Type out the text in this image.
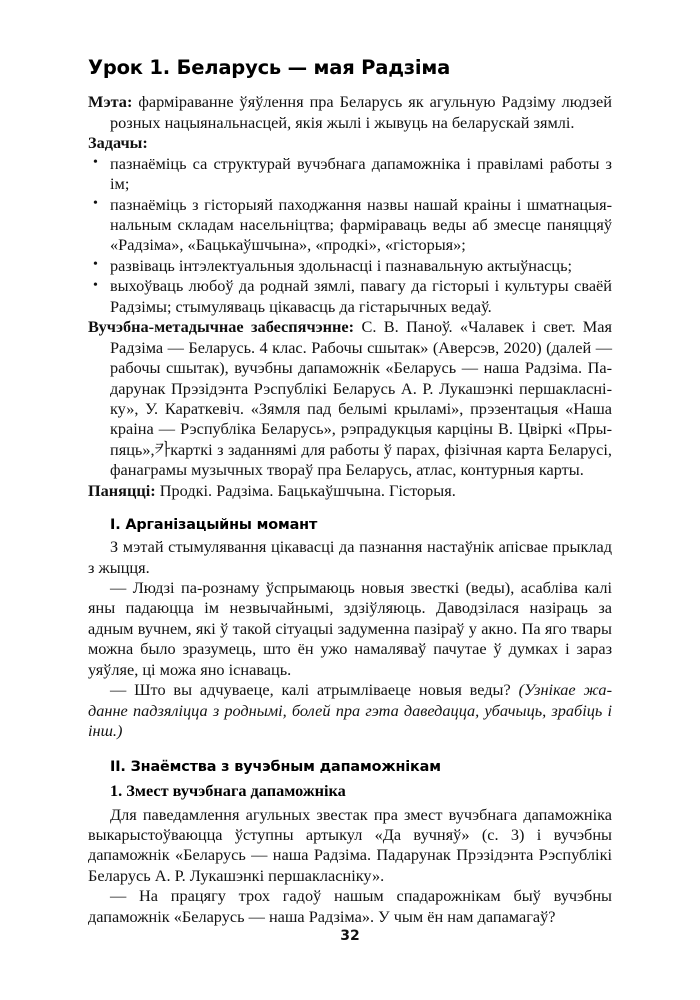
Урок 1. Беларусь — мая Радзіма

Мэта: фарміраванне ўяўлення пра Беларусь як агульную Радзіму людзей розных нацыянальнасцей, якія жылі і жывуць на беларускай зямлі.

Задачы:

• пазнаёміць са структурай вучэбнага дапаможніка і правіламі работы з ім;
• пазнаёміць з гісторыяй паходжання назвы нашай краіны і шматнацыянальным складам насельніцтва; фарміраваць веды аб змесце паняццяў «Радзіма», «Бацькаўшчына», «продкі», «гісторыя»;
• развіваць інтэлектуальныя здольнасці і пазнавальную актыўнасць;
• выхоўваць любоў да роднай зямлі, павагу да гісторыі і культуры сваёй Радзімы; стымуляваць цікавасць да гістарычных ведаў.

Вучэбна-метадычнае забеспячэнне: С. В. Паноў. «Чалавек і свет. Мая Радзіма — Беларусь. 4 клас. Рабочы сшытак» (Аверсэв, 2020) (далей — рабочы сшытак), вучэбны дапаможнік «Беларусь — наша Радзіма. Падарунак Прэзідэнта Рэспублікі Беларусь А. Р. Лукашэнкі першакласніку», У. Караткевіч. «Зямля пад белымі крыламі», прэзентацыя «Наша краіна — Рэспубліка Беларусь», рэпрадукцыя карціны В. Цвіркі «Прыпяць»,카карткі з заданнямі для работы ў парах, фізічная карта Беларусі, фанаграмы музычных твораў пра Беларусь, атлас, контурныя карты.

Паняцці: Продкі. Радзіма. Бацькаўшчына. Гісторыя.

I. Арганізацыйны момант

З мэтай стымулявання цікавасці да пазнання настаўнік апісвае прыклад з жыцця.

— Людзі па-рознаму ўспрымаюць новыя звесткі (веды), асабліва калі яны падаюцца ім незвычайнымі, здзіўляюць. Даводзілася назіраць за адным вучнем, які ў такой сітуацыі задуменна пазіраў у акно. Па яго твары можна было зразумець, што ён ужо намаляваў пачутае ў думках і зараз уяўляе, ці можа яно існаваць.

— Што вы адчуваеце, калі атрымліваеце новыя веды? (Узнікае жаданне падзяліцца з роднымі, болей пра гэта даведацца, убачыць, зрабіць і інш.)

II. Знаёмства з вучэбным дапаможнікам
1. Змест вучэбнага дапаможніка

Для паведамлення агульных звестак пра змест вучэбнага дапаможніка выкарыстоўваюцца ўступны артыкул «Да вучняў» (с. 3) і вучэбны дапаможнік «Беларусь — наша Радзіма. Падарунак Прэзідэнта Рэспублікі Беларусь А. Р. Лукашэнкі першакласніку».

— На працягу трох гадоў нашым спадарожнікам быў вучэбны дапаможнік «Беларусь — наша Радзіма». У чым ён нам дапамагаў?

32
